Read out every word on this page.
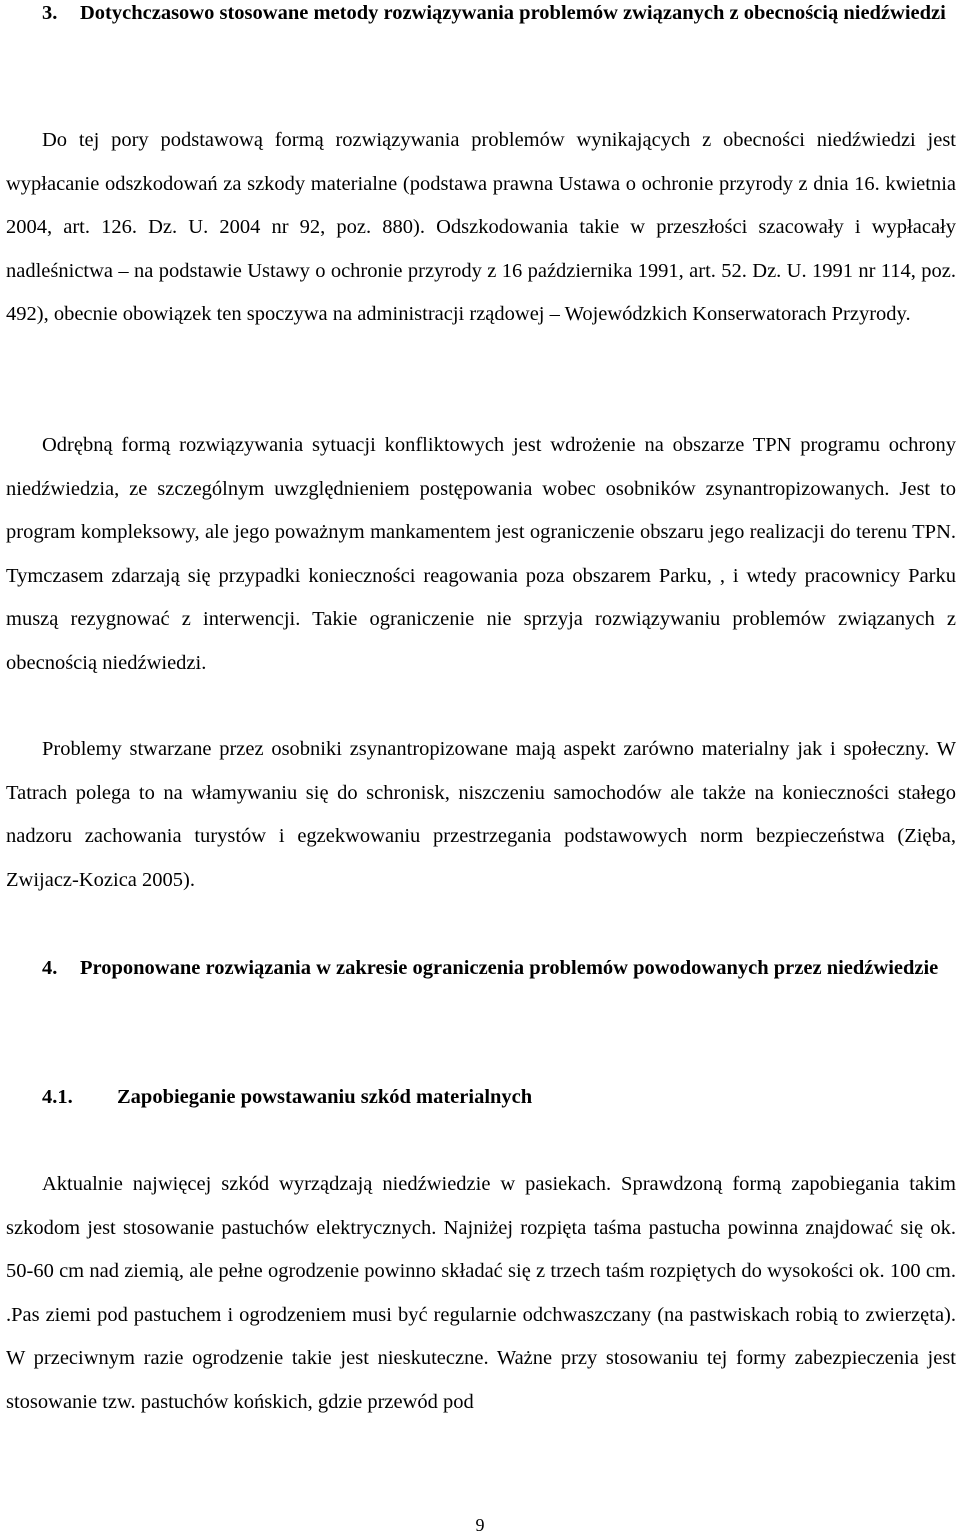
3. Dotychczasowo stosowane metody rozwiązywania problemów związanych z obecnością niedźwiedzi

Do tej pory podstawową formą rozwiązywania problemów wynikających z obecności niedźwiedzi jest wypłacanie odszkodowań za szkody materialne (podstawa prawna Ustawa o ochronie przyrody z dnia 16. kwietnia 2004, art. 126. Dz. U. 2004 nr 92, poz. 880). Odszkodowania takie w przeszłości szacowały i wypłacały nadleśnictwa – na podstawie Ustawy o ochronie przyrody z 16 października 1991, art. 52. Dz. U. 1991 nr 114, poz. 492), obecnie obowiązek ten spoczywa na administracji rządowej – Wojewódzkich Konserwatorach Przyrody.

Odrębną formą rozwiązywania sytuacji konfliktowych jest wdrożenie na obszarze TPN programu ochrony niedźwiedzia, ze szczególnym uwzględnieniem postępowania wobec osobników zsynantropizowanych. Jest to program kompleksowy, ale jego poważnym mankamentem jest ograniczenie obszaru jego realizacji do terenu TPN. Tymczasem zdarzają się przypadki konieczności reagowania poza obszarem Parku, , i wtedy pracownicy Parku muszą rezygnować z interwencji. Takie ograniczenie nie sprzyja rozwiązywaniu problemów związanych z obecnością niedźwiedzi.

Problemy stwarzane przez osobniki zsynantropizowane mają aspekt zarówno materialny jak i społeczny. W Tatrach polega to na włamywaniu się do schronisk, niszczeniu samochodów ale także na konieczności stałego nadzoru zachowania turystów i egzekwowaniu przestrzegania podstawowych norm bezpieczeństwa (Zięba, Zwijacz-Kozica 2005).

4. Proponowane rozwiązania w zakresie ograniczenia problemów powodowanych przez niedźwiedzie
4.1. Zapobieganie powstawaniu szkód materialnych

Aktualnie najwięcej szkód wyrządzają niedźwiedzie w pasiekach. Sprawdzoną formą zapobiegania takim szkodom jest stosowanie pastuchów elektrycznych. Najniżej rozpięta taśma pastucha powinna znajdować się ok. 50-60 cm nad ziemią, ale pełne ogrodzenie powinno składać się z trzech taśm rozpiętych do wysokości ok. 100 cm. .Pas ziemi pod pastuchem i ogrodzeniem musi być regularnie odchwaszczany (na pastwiskach robią to zwierzęta). W przeciwnym razie ogrodzenie takie jest nieskuteczne. Ważne przy stosowaniu tej formy zabezpieczenia jest stosowanie tzw. pastuchów końskich, gdzie przewód pod

9
